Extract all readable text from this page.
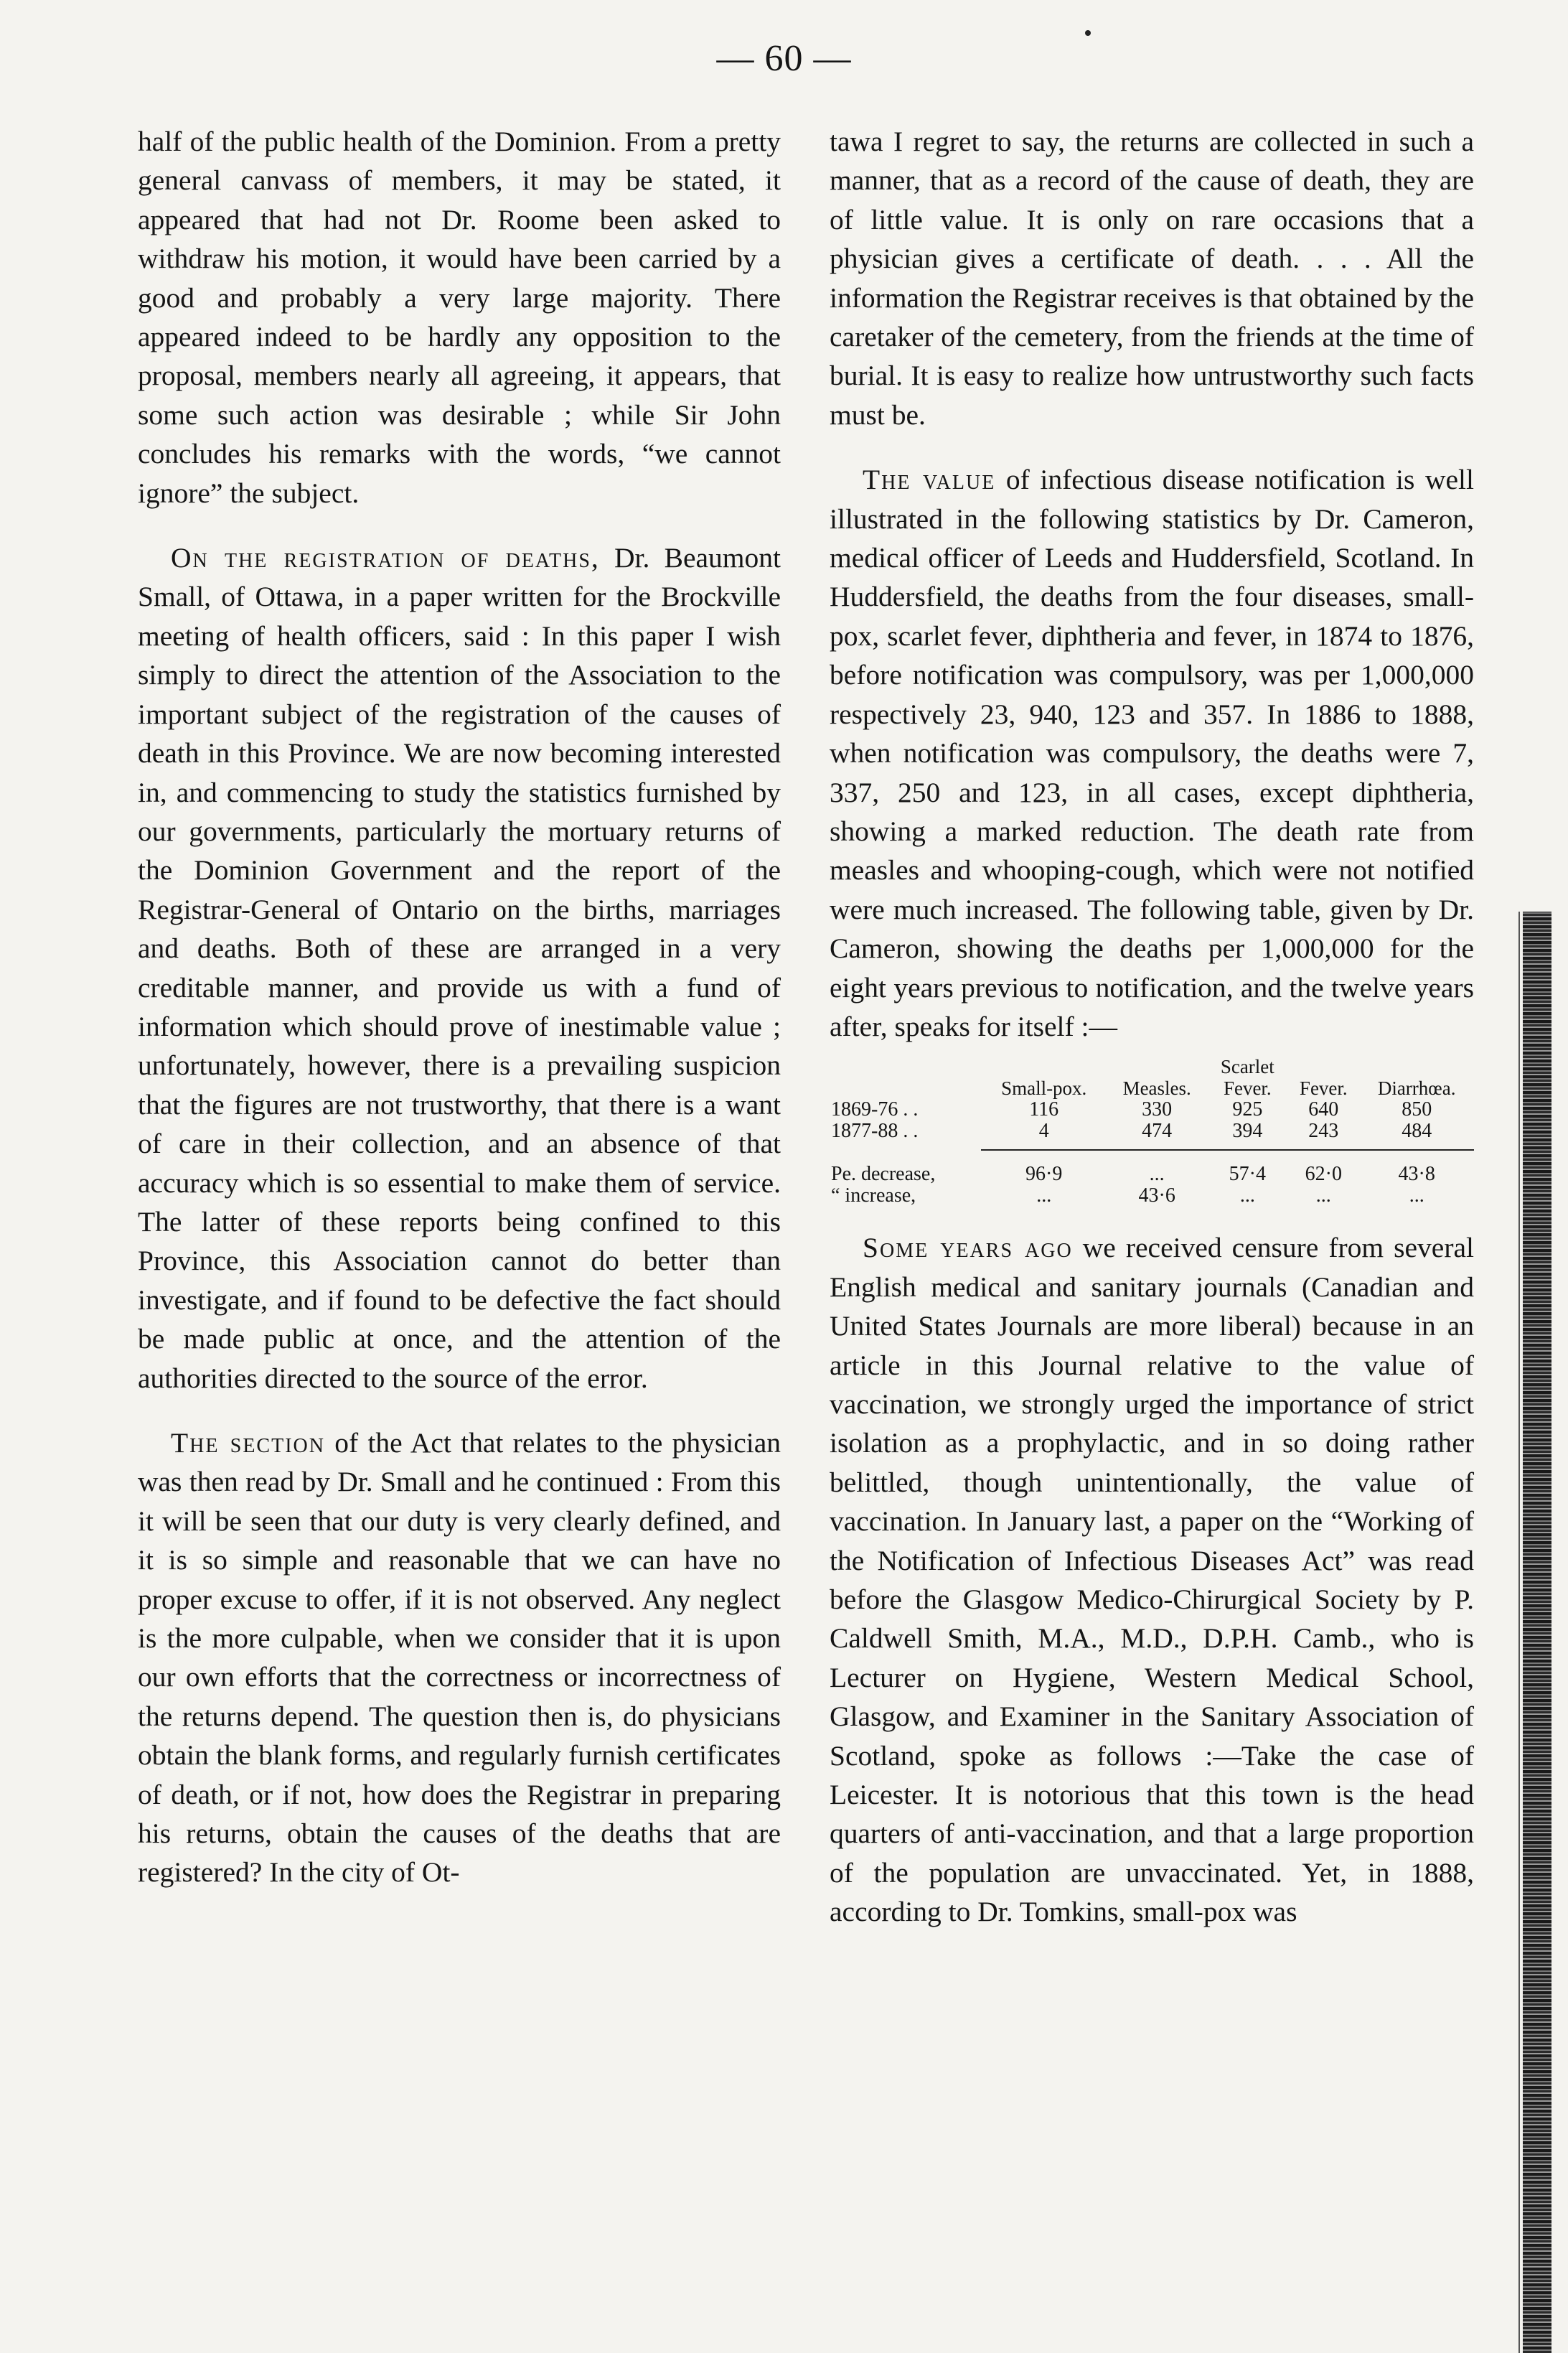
— 60 —

half of the public health of the Dominion. From a pretty general canvass of members, it may be stated, it appeared that had not Dr. Roome been asked to withdraw his motion, it would have been carried by a good and probably a very large majority. There appeared indeed to be hardly any opposition to the proposal, members nearly all agreeing, it appears, that some such action was desirable ; while Sir John concludes his remarks with the words, “we cannot ignore” the subject.

On the registration of deaths, Dr. Beaumont Small, of Ottawa, in a paper written for the Brockville meeting of health officers, said : In this paper I wish simply to direct the attention of the Association to the important subject of the registration of the causes of death in this Province. We are now becoming interested in, and commencing to study the statistics furnished by our governments, particularly the mortuary returns of the Dominion Government and the report of the Registrar-General of Ontario on the births, marriages and deaths. Both of these are arranged in a very creditable manner, and provide us with a fund of information which should prove of inestimable value ; unfortunately, however, there is a prevailing suspicion that the figures are not trustworthy, that there is a want of care in their collection, and an absence of that accuracy which is so essential to make them of service. The latter of these reports being confined to this Province, this Association cannot do better than investigate, and if found to be defective the fact should be made public at once, and the attention of the authorities directed to the source of the error.

The section of the Act that relates to the physician was then read by Dr. Small and he continued : From this it will be seen that our duty is very clearly defined, and it is so simple and reasonable that we can have no proper excuse to offer, if it is not observed. Any neglect is the more culpable, when we consider that it is upon our own efforts that the correctness or incorrectness of the returns depend. The question then is, do physicians obtain the blank forms, and regularly furnish certificates of death, or if not, how does the Registrar in preparing his returns, obtain the causes of the deaths that are registered? In the city of Ot-

tawa I regret to say, the returns are collected in such a manner, that as a record of the cause of death, they are of little value. It is only on rare occasions that a physician gives a certificate of death. . . . All the information the Registrar receives is that obtained by the caretaker of the cemetery, from the friends at the time of burial. It is easy to realize how untrustworthy such facts must be.

The value of infectious disease notification is well illustrated in the following statistics by Dr. Cameron, medical officer of Leeds and Huddersfield, Scotland. In Huddersfield, the deaths from the four diseases, small-pox, scarlet fever, diphtheria and fever, in 1874 to 1876, before notification was compulsory, was per 1,000,000 respectively 23, 940, 123 and 357. In 1886 to 1888, when notification was compulsory, the deaths were 7, 337, 250 and 123, in all cases, except diphtheria, showing a marked reduction. The death rate from measles and whooping-cough, which were not notified were much increased. The following table, given by Dr. Cameron, showing the deaths per 1,000,000 for the eight years previous to notification, and the twelve years after, speaks for itself :—

			Scarlet		
	Small-pox.	Measles.	Fever.	Fever.	Diarrhœa.
1869-76 . .	116	330	925	640	850
1877-88 . .	4	474	394	243	484

Pe. decrease,	96·9	...	57·4	62·0	43·8
“ increase,	...	43·6	...	...	...

Some years ago we received censure from several English medical and sanitary journals (Canadian and United States Journals are more liberal) because in an article in this Journal relative to the value of vaccination, we strongly urged the importance of strict isolation as a prophylactic, and in so doing rather belittled, though unintentionally, the value of vaccination. In January last, a paper on the “Working of the Notification of Infectious Diseases Act” was read before the Glasgow Medico-Chirurgical Society by P. Caldwell Smith, M.A., M.D., D.P.H. Camb., who is Lecturer on Hygiene, Western Medical School, Glasgow, and Examiner in the Sanitary Association of Scotland, spoke as follows :—Take the case of Leicester. It is notorious that this town is the head quarters of anti-vaccination, and that a large proportion of the population are unvaccinated. Yet, in 1888, according to Dr. Tomkins, small-pox was
